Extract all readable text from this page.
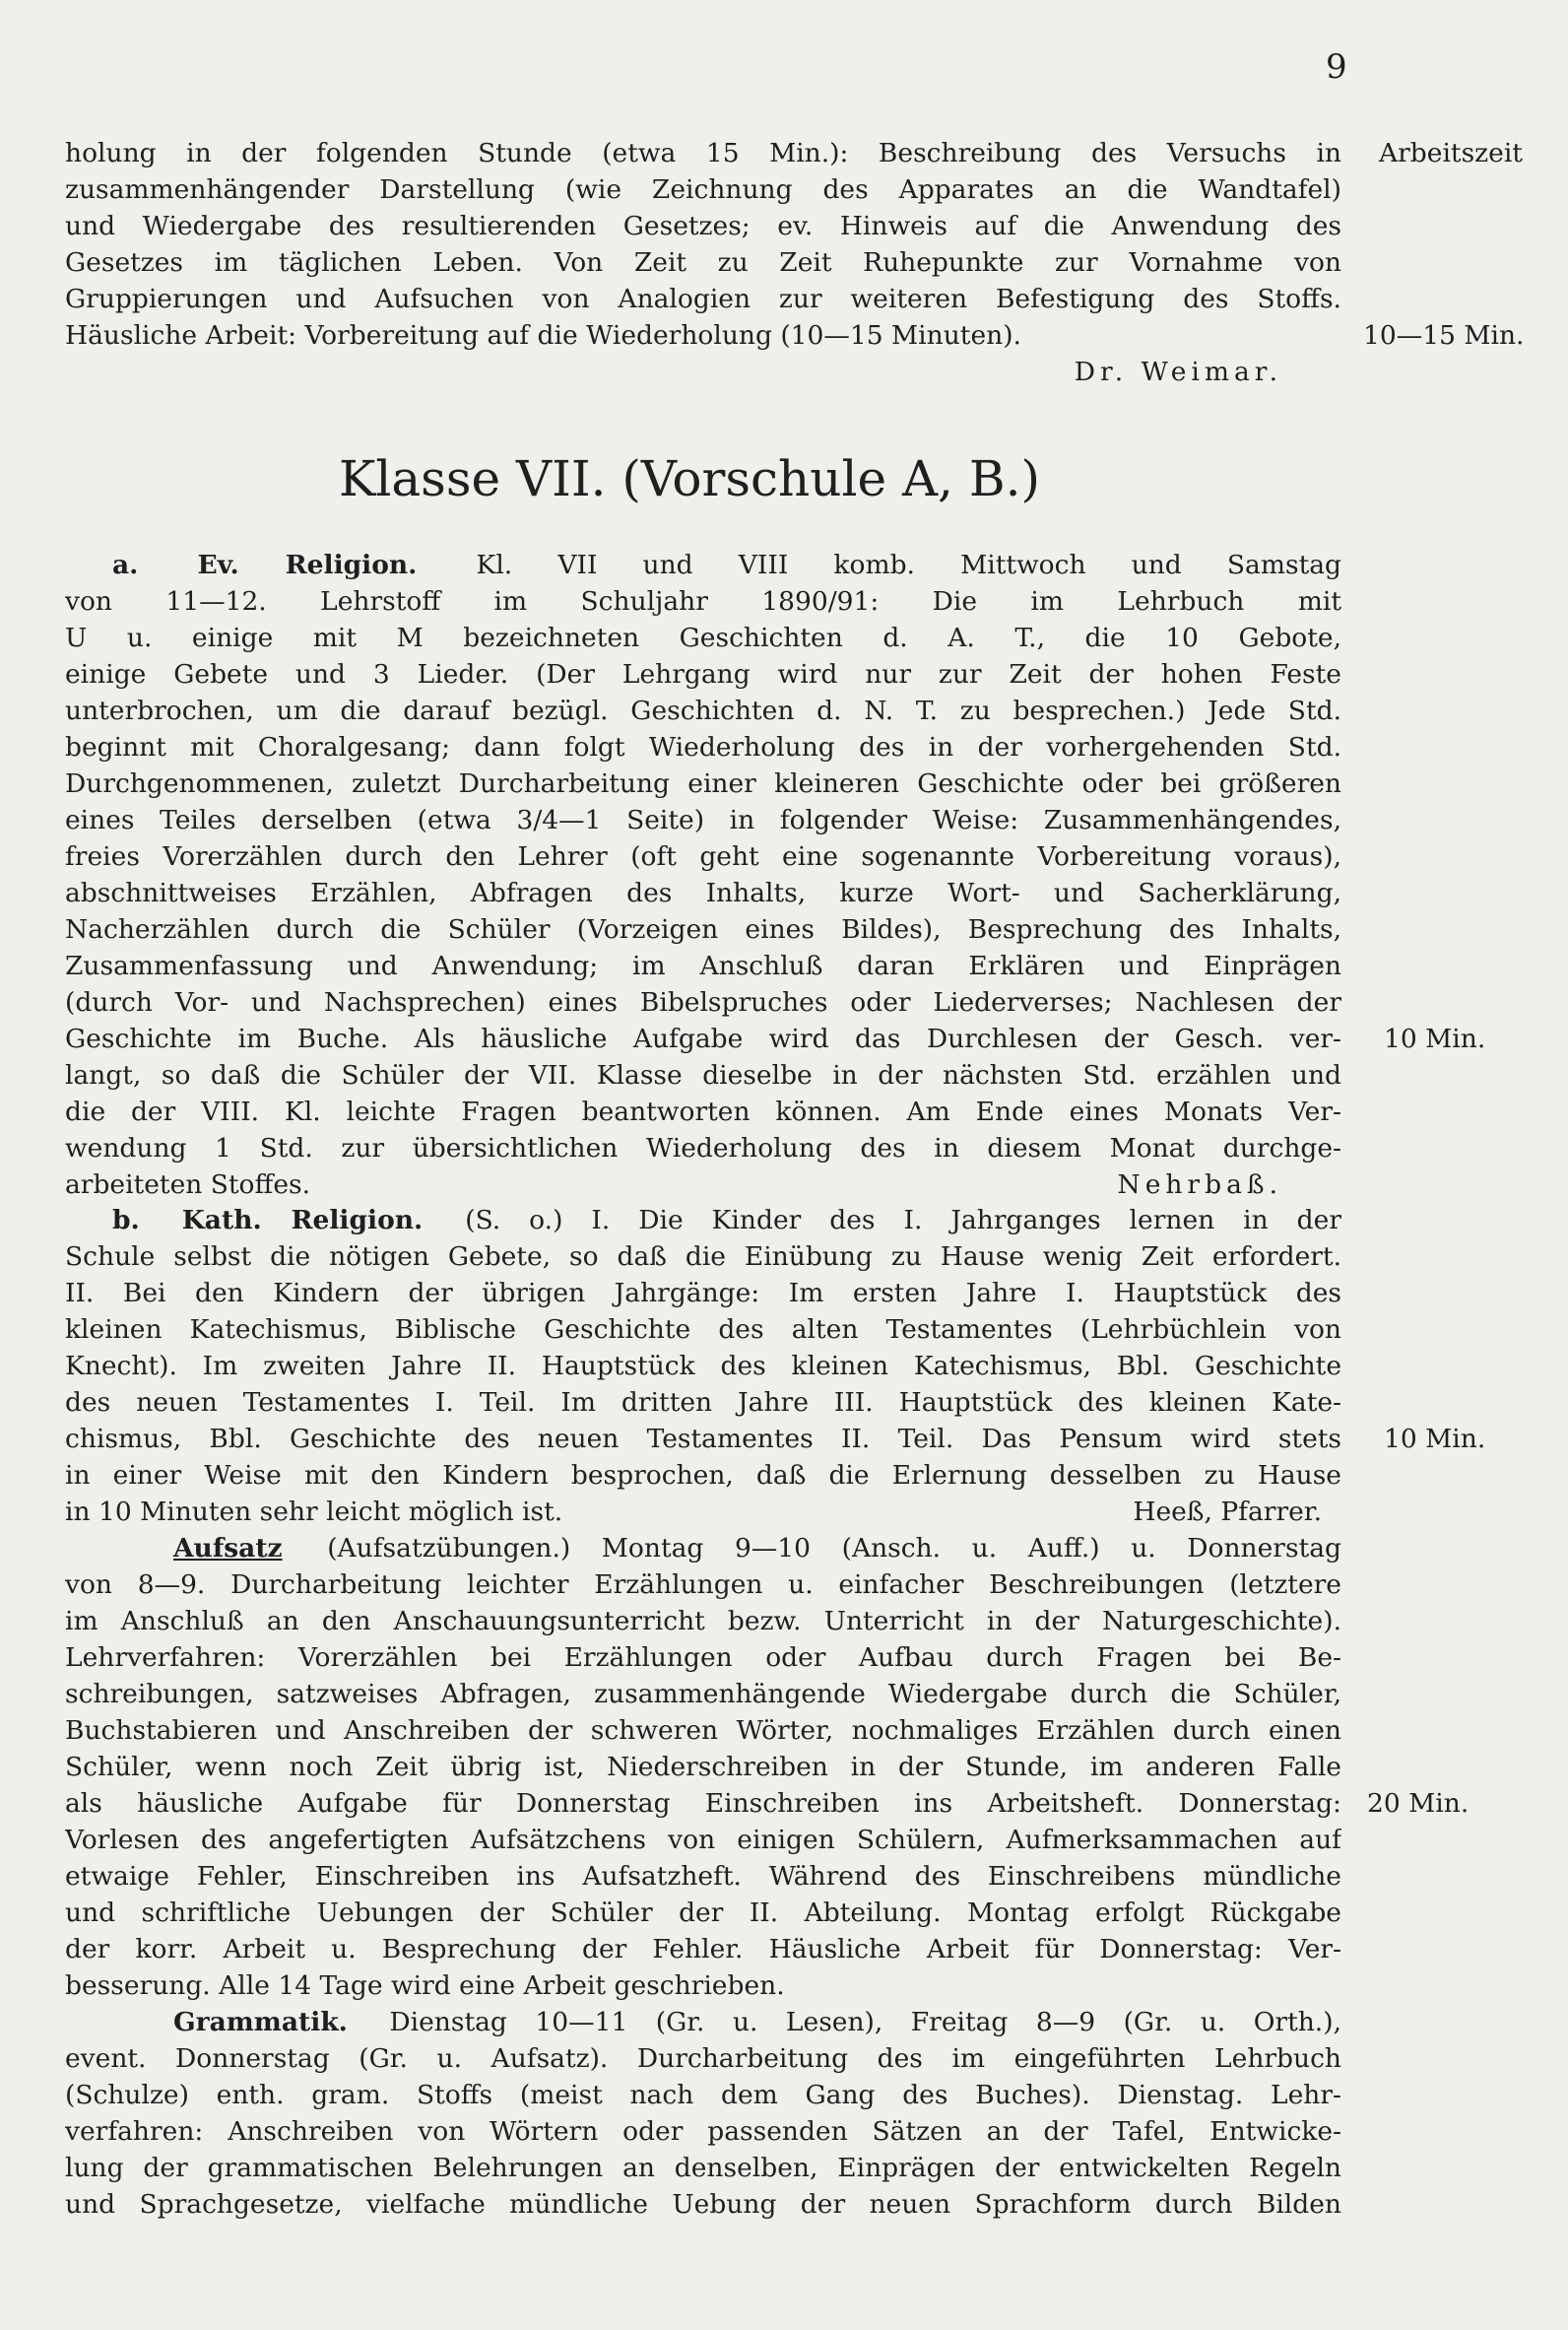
9
holung in der folgenden Stunde (etwa 15 Min.): Beschreibung des Versuchs in
zusammenhängender Darstellung (wie Zeichnung des Apparates an die Wandtafel)
und Wiedergabe des resultierenden Gesetzes; ev. Hinweis auf die Anwendung des
Gesetzes im täglichen Leben. Von Zeit zu Zeit Ruhepunkte zur Vornahme von
Gruppierungen und Aufsuchen von Analogien zur weiteren Befestigung des Stoffs.
Häusliche Arbeit: Vorbereitung auf die Wiederholung (10—15 Minuten).
Dr. Weimar.
Arbeitszeit
10—15 Min.
Klasse VII. (Vorschule A, B.)
a. Ev. Religion. Kl. VII und VIII komb. Mittwoch und Samstag
von 11—12. Lehrstoff im Schuljahr 1890/91: Die im Lehrbuch mit
U u. einige mit M bezeichneten Geschichten d. A. T., die 10 Gebote,
einige Gebete und 3 Lieder. (Der Lehrgang wird nur zur Zeit der hohen Feste
unterbrochen, um die darauf bezügl. Geschichten d. N. T. zu besprechen.) Jede Std.
beginnt mit Choralgesang; dann folgt Wiederholung des in der vorhergehenden Std.
Durchgenommenen, zuletzt Durcharbeitung einer kleineren Geschichte oder bei größeren
eines Teiles derselben (etwa 3/4—1 Seite) in folgender Weise: Zusammenhängendes,
freies Vorerzählen durch den Lehrer (oft geht eine sogenannte Vorbereitung voraus),
abschnittweises Erzählen, Abfragen des Inhalts, kurze Wort- und Sacherklärung,
Nacherzählen durch die Schüler (Vorzeigen eines Bildes), Besprechung des Inhalts,
Zusammenfassung und Anwendung; im Anschluß daran Erklären und Einprägen
(durch Vor- und Nachsprechen) eines Bibelspruches oder Liederverses; Nachlesen der
Geschichte im Buche. Als häusliche Aufgabe wird das Durchlesen der Gesch. ver-
langt, so daß die Schüler der VII. Klasse dieselbe in der nächsten Std. erzählen und
die der VIII. Kl. leichte Fragen beantworten können. Am Ende eines Monats Ver-
wendung 1 Std. zur übersichtlichen Wiederholung des in diesem Monat durchge-
arbeiteten Stoffes.	Nehrbaß.
10 Min.
b. Kath. Religion. (S. o.) I. Die Kinder des I. Jahrganges lernen in der
Schule selbst die nötigen Gebete, so daß die Einübung zu Hause wenig Zeit erfordert.
II. Bei den Kindern der übrigen Jahrgänge: Im ersten Jahre I. Hauptstück des
kleinen Katechismus, Biblische Geschichte des alten Testamentes (Lehrbüchlein von
Knecht). Im zweiten Jahre II. Hauptstück des kleinen Katechismus, Bbl. Geschichte
des neuen Testamentes I. Teil. Im dritten Jahre III. Hauptstück des kleinen Kate-
chismus, Bbl. Geschichte des neuen Testamentes II. Teil. Das Pensum wird stets
in einer Weise mit den Kindern besprochen, daß die Erlernung desselben zu Hause
in 10 Minuten sehr leicht möglich ist.	Heeß, Pfarrer.
10 Min.
Aufsatz (Aufsatzübungen.) Montag 9—10 (Ansch. u. Auff.) u. Donnerstag
von 8—9. Durcharbeitung leichter Erzählungen u. einfacher Beschreibungen (letztere
im Anschluß an den Anschauungsunterricht bezw. Unterricht in der Naturgeschichte).
Lehrverfahren: Vorerzählen bei Erzählungen oder Aufbau durch Fragen bei Be-
schreibungen, satzweises Abfragen, zusammenhängende Wiedergabe durch die Schüler,
Buchstabieren und Anschreiben der schweren Wörter, nochmaliges Erzählen durch einen
Schüler, wenn noch Zeit übrig ist, Niederschreiben in der Stunde, im anderen Falle
als häusliche Aufgabe für Donnerstag Einschreiben ins Arbeitsheft. Donnerstag:
Vorlesen des angefertigten Aufsätzchens von einigen Schülern, Aufmerksammachen auf
etwaige Fehler, Einschreiben ins Aufsatzheft. Während des Einschreibens mündliche
und schriftliche Uebungen der Schüler der II. Abteilung. Montag erfolgt Rückgabe
der korr. Arbeit u. Besprechung der Fehler. Häusliche Arbeit für Donnerstag: Ver-
besserung. Alle 14 Tage wird eine Arbeit geschrieben.
20 Min.
Grammatik. Dienstag 10—11 (Gr. u. Lesen), Freitag 8—9 (Gr. u. Orth.),
event. Donnerstag (Gr. u. Aufsatz). Durcharbeitung des im eingeführten Lehrbuch
(Schulze) enth. gram. Stoffs (meist nach dem Gang des Buches). Dienstag. Lehr-
verfahren: Anschreiben von Wörtern oder passenden Sätzen an der Tafel, Entwicke-
lung der grammatischen Belehrungen an denselben, Einprägen der entwickelten Regeln
und Sprachgesetze, vielfache mündliche Uebung der neuen Sprachform durch Bilden
